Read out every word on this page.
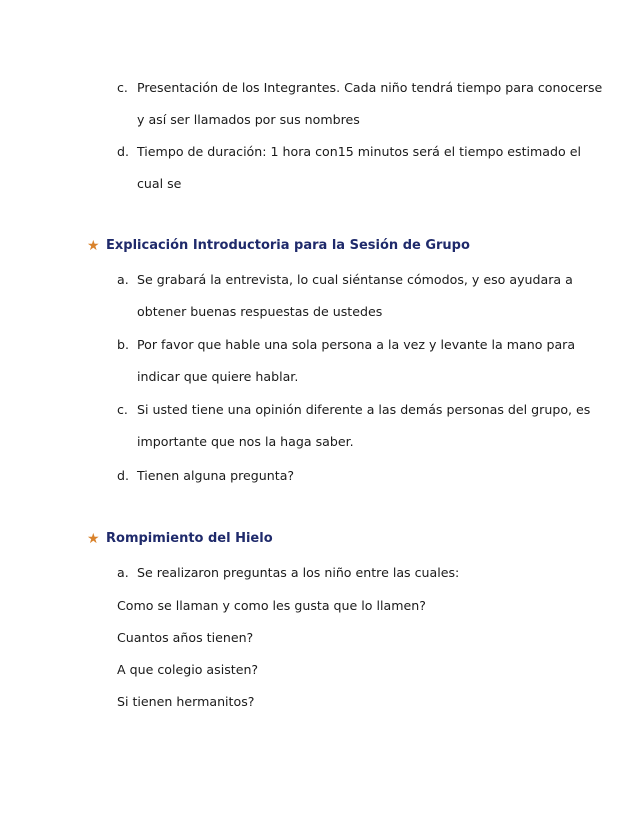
c. Presentación de los Integrantes. Cada niño tendrá tiempo para conocerse
y así ser llamados por sus nombres
d. Tiempo de duración: 1 hora con15 minutos será el tiempo estimado el
cual se
★ Explicación Introductoria para la Sesión de Grupo
a. Se grabará la entrevista, lo cual siéntanse cómodos, y eso ayudara a
obtener buenas respuestas de ustedes
b. Por favor que hable una sola persona a la vez y levante la mano para
indicar que quiere hablar.
c. Si usted tiene una opinión diferente a las demás personas del grupo, es
importante que nos la haga saber.
d. Tienen alguna pregunta?
★ Rompimiento del Hielo
a. Se realizaron preguntas a los niño entre las cuales:
Como se llaman y como les gusta que lo llamen?
Cuantos años tienen?
A que colegio asisten?
Si tienen hermanitos?
